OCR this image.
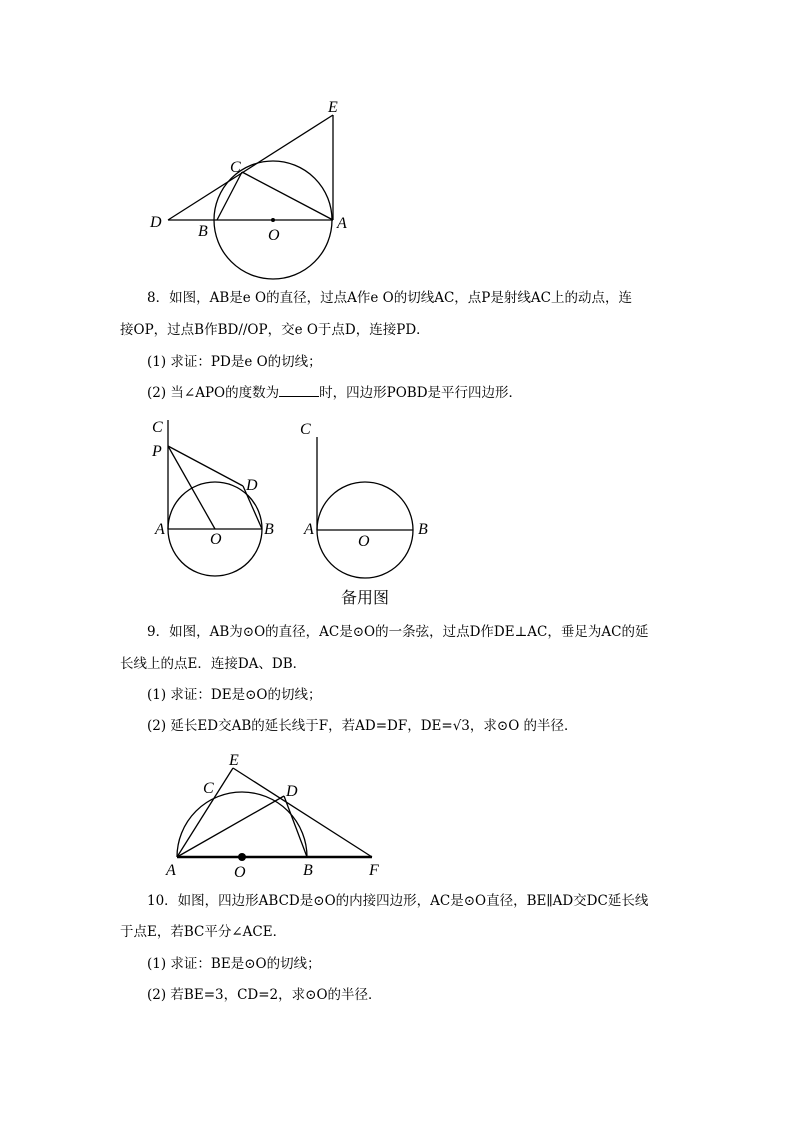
E
C
D
B	O
A
8．如图，AB是e O的直径，过点A作e O的切线AC，点P是射线AC上的动点，连
接OP，过点B作BD//OP，交e O于点D，连接PD．
(1) 求证：PD是e O的切线；
(2) 当∠APO的度数为	时，四边形POBD是平行四边形．
C
P
D
A
O
B
C
A
O
B
备用图
9．如图，AB为⊙O的直径，AC是⊙O的一条弦，过点D作DE⊥AC，垂足为AC的延
长线上的点E．连接DA、DB．
(1) 求证：DE是⊙O的切线；
(2) 延长ED交AB的延长线于F，若AD=DF，DE=√3，求⊙O 的半径．
E
C	D
A	O	B	F
10．如图，四边形ABCD是⊙O的内接四边形，AC是⊙O直径，BE∥AD交DC延长线
于点E，若BC平分∠ACE．
(1) 求证：BE是⊙O的切线；
(2) 若BE=3，CD=2，求⊙O的半径．
